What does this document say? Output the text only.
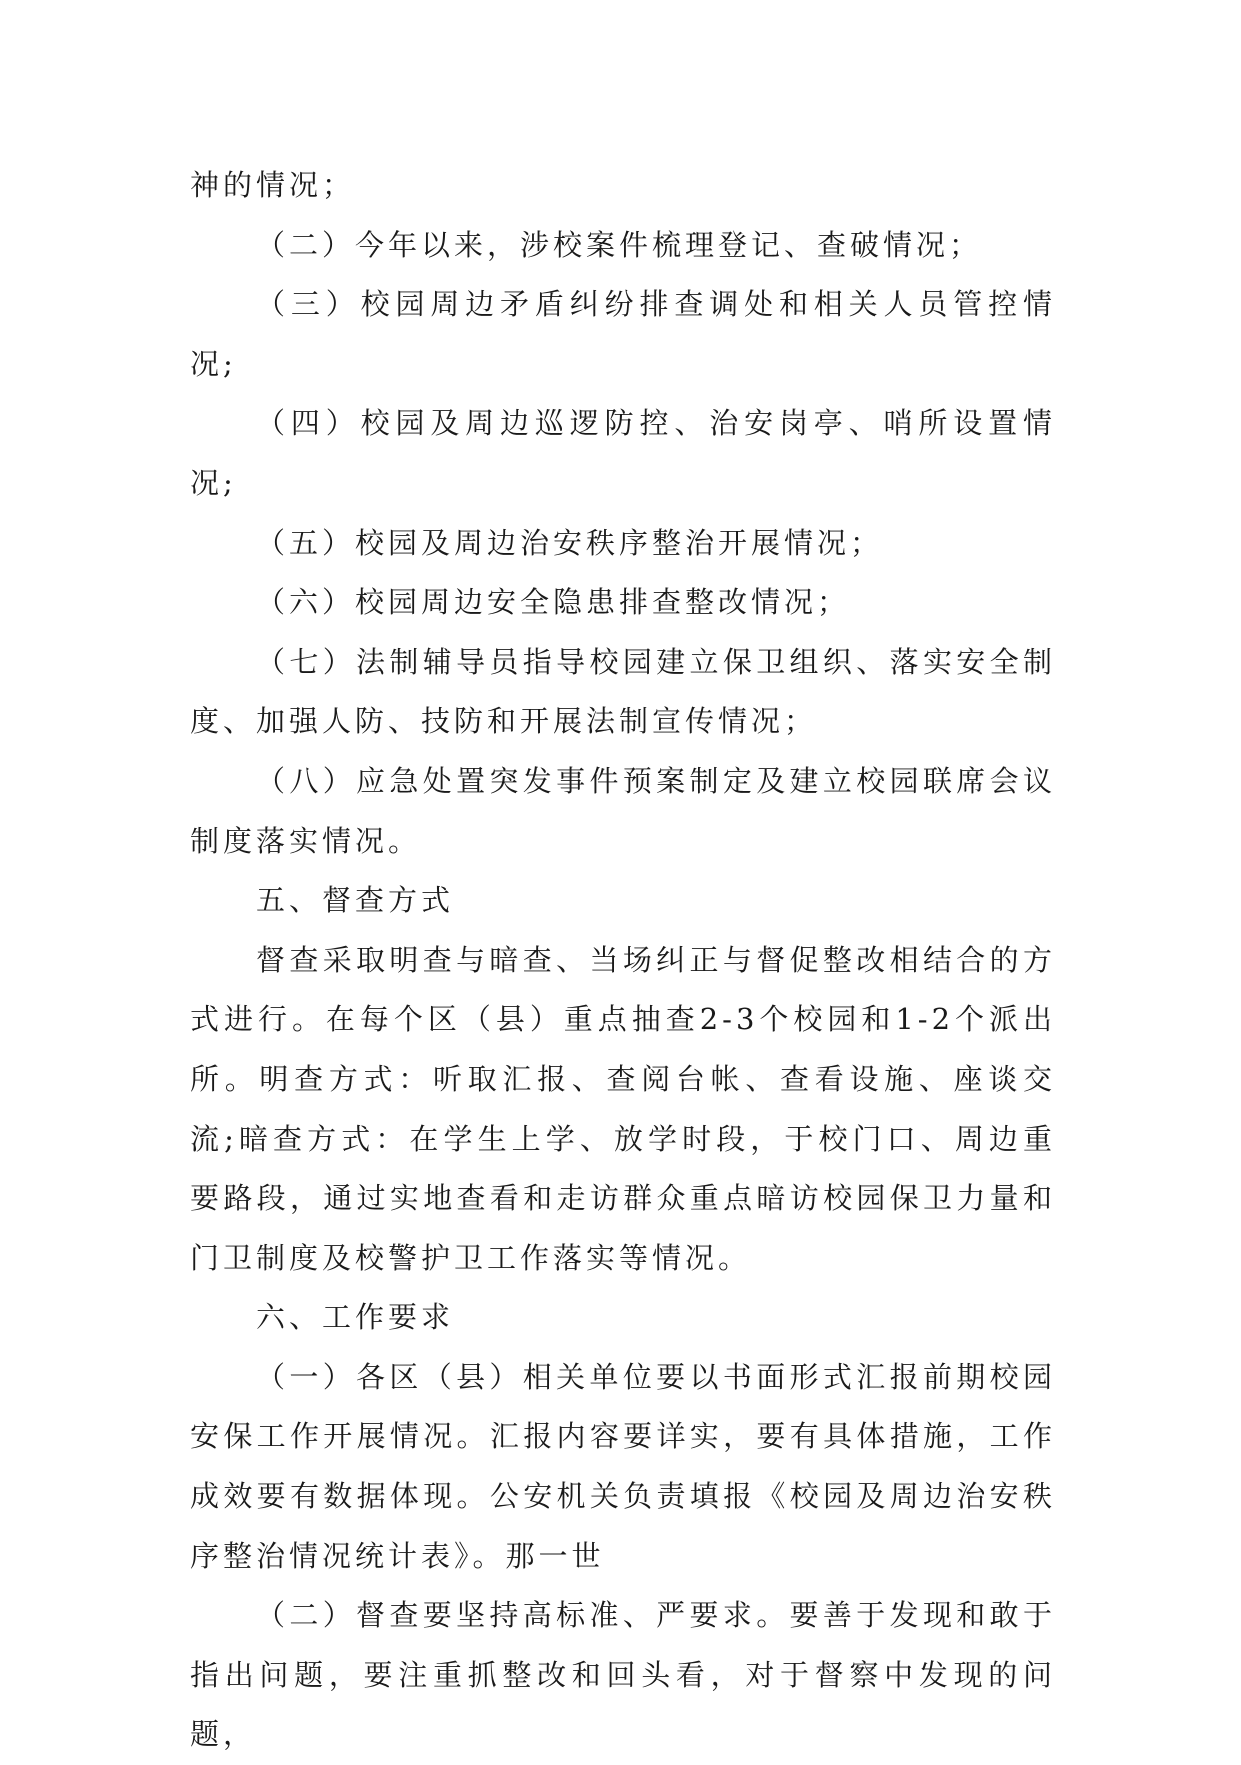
神的情况；

（二）今年以来，涉校案件梳理登记、查破情况；

（三）校园周边矛盾纠纷排查调处和相关人员管控情况;

（四）校园及周边巡逻防控、治安岗亭、哨所设置情况;

（五）校园及周边治安秩序整治开展情况；

（六）校园周边安全隐患排查整改情况；

（七）法制辅导员指导校园建立保卫组织、落实安全制度、加强人防、技防和开展法制宣传情况；

（八）应急处置突发事件预案制定及建立校园联席会议制度落实情况。

五、督查方式

督查采取明查与暗查、当场纠正与督促整改相结合的方式进行。在每个区（县）重点抽查2-3个校园和1-2个派出所。明查方式：听取汇报、查阅台帐、查看设施、座谈交流;暗查方式：在学生上学、放学时段，于校门口、周边重要路段，通过实地查看和走访群众重点暗访校园保卫力量和门卫制度及校警护卫工作落实等情况。

六、工作要求

（一）各区（县）相关单位要以书面形式汇报前期校园安保工作开展情况。汇报内容要详实，要有具体措施，工作成效要有数据体现。公安机关负责填报《校园及周边治安秩序整治情况统计表》。那一世

（二）督查要坚持高标准、严要求。要善于发现和敢于指出问题，要注重抓整改和回头看，对于督察中发现的问题，
